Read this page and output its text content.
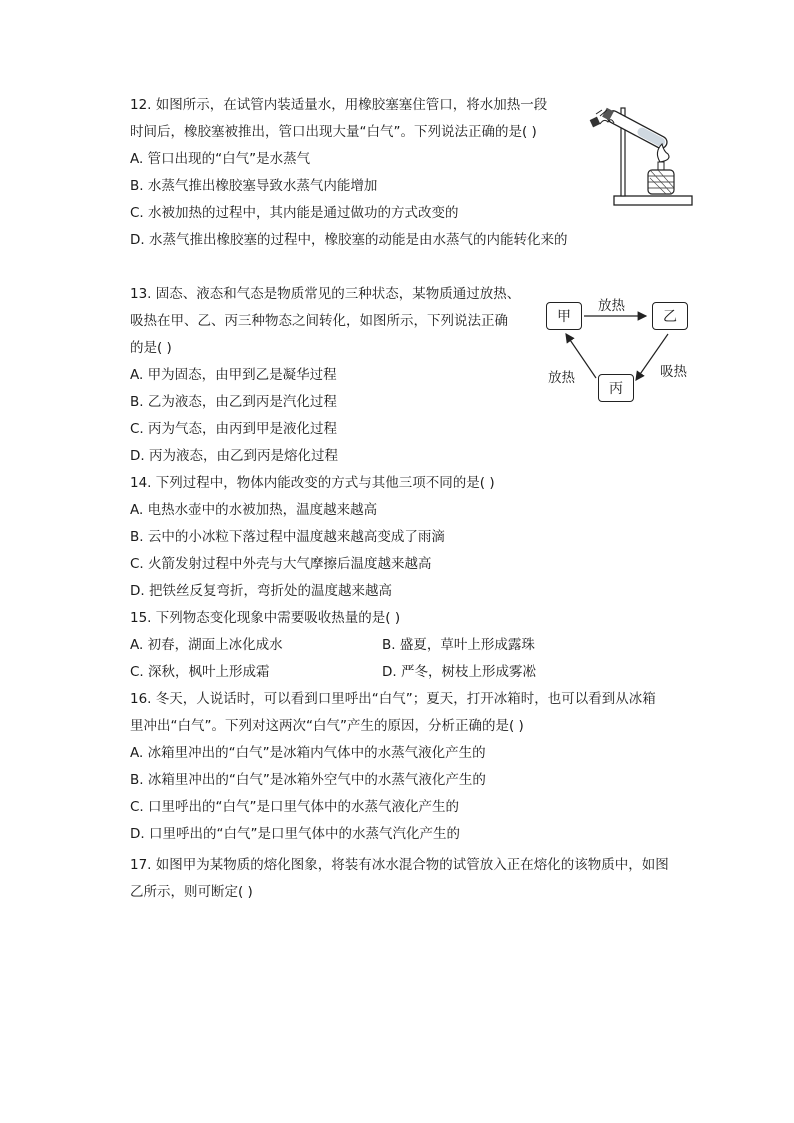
12. 如图所示，在试管内装适量水，用橡胶塞塞住管口，将水加热一段
时间后，橡胶塞被推出，管口出现大量“白气”。下列说法正确的是( )
A. 管口出现的“白气”是水蒸气
B. 水蒸气推出橡胶塞导致水蒸气内能增加
C. 水被加热的过程中，其内能是通过做功的方式改变的
D. 水蒸气推出橡胶塞的过程中，橡胶塞的动能是由水蒸气的内能转化来的
13. 固态、液态和气态是物质常见的三种状态，某物质通过放热、
吸热在甲、乙、丙三种物态之间转化，如图所示，下列说法正确
的是( )
A. 甲为固态，由甲到乙是凝华过程
B. 乙为液态，由乙到丙是汽化过程
C. 丙为气态，由丙到甲是液化过程
D. 丙为液态，由乙到丙是熔化过程
甲	乙
丙
放热
吸热
放热
14. 下列过程中，物体内能改变的方式与其他三项不同的是( )
A. 电热水壶中的水被加热，温度越来越高
B. 云中的小冰粒下落过程中温度越来越高变成了雨滴
C. 火箭发射过程中外壳与大气摩擦后温度越来越高
D. 把铁丝反复弯折，弯折处的温度越来越高
15. 下列物态变化现象中需要吸收热量的是( )
A. 初春，湖面上冰化成水	B. 盛夏，草叶上形成露珠
C. 深秋，枫叶上形成霜	D. 严冬，树枝上形成雾凇
16. 冬天，人说话时，可以看到口里呼出“白气”；夏天，打开冰箱时，也可以看到从冰箱
里冲出“白气”。下列对这两次“白气”产生的原因，分析正确的是( )
A. 冰箱里冲出的“白气”是冰箱内气体中的水蒸气液化产生的
B. 冰箱里冲出的“白气”是冰箱外空气中的水蒸气液化产生的
C. 口里呼出的“白气”是口里气体中的水蒸气液化产生的
D. 口里呼出的“白气”是口里气体中的水蒸气汽化产生的
17. 如图甲为某物质的熔化图象，将装有冰水混合物的试管放入正在熔化的该物质中，如图
乙所示，则可断定( )
